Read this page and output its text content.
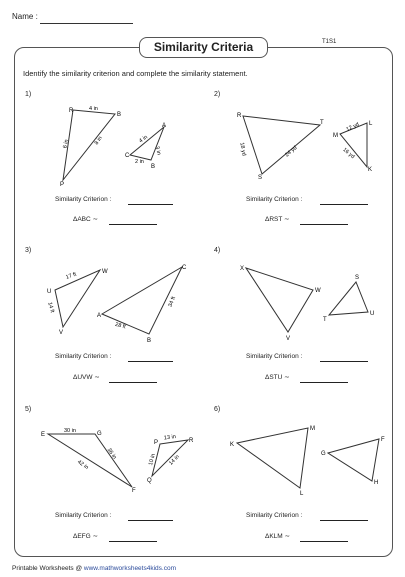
Name :
Similarity Criteria	T1S1
Identify the similarity criterion and complete the similarity statement.
1)
R
B
4 in
6 in	8 in
P
A
B
C
4 in
3 in
2 in
Similarity Criterion :
ΔABC ∼
2)
R
T
S
18 yd	24 yd
M
L
K
12 yd
16 yd
Similarity Criterion :
ΔRST ∼
3)
U
W
V
17 ft
14 ft
A
C
B
28 ft
34 ft
Similarity Criterion :
ΔUVW ∼
4)
X
W
V
S
T
U
Similarity Criterion :
ΔSTU ∼
5)
E	G
F
30 in
36 in
42 in
P
Q
R
13 in
10 in 14 in
Similarity Criterion :
ΔEFG ∼
6)
K
M
L
G
F
H
Similarity Criterion :
ΔKLM ∼
Printable Worksheets @ www.mathworksheets4kids.com
